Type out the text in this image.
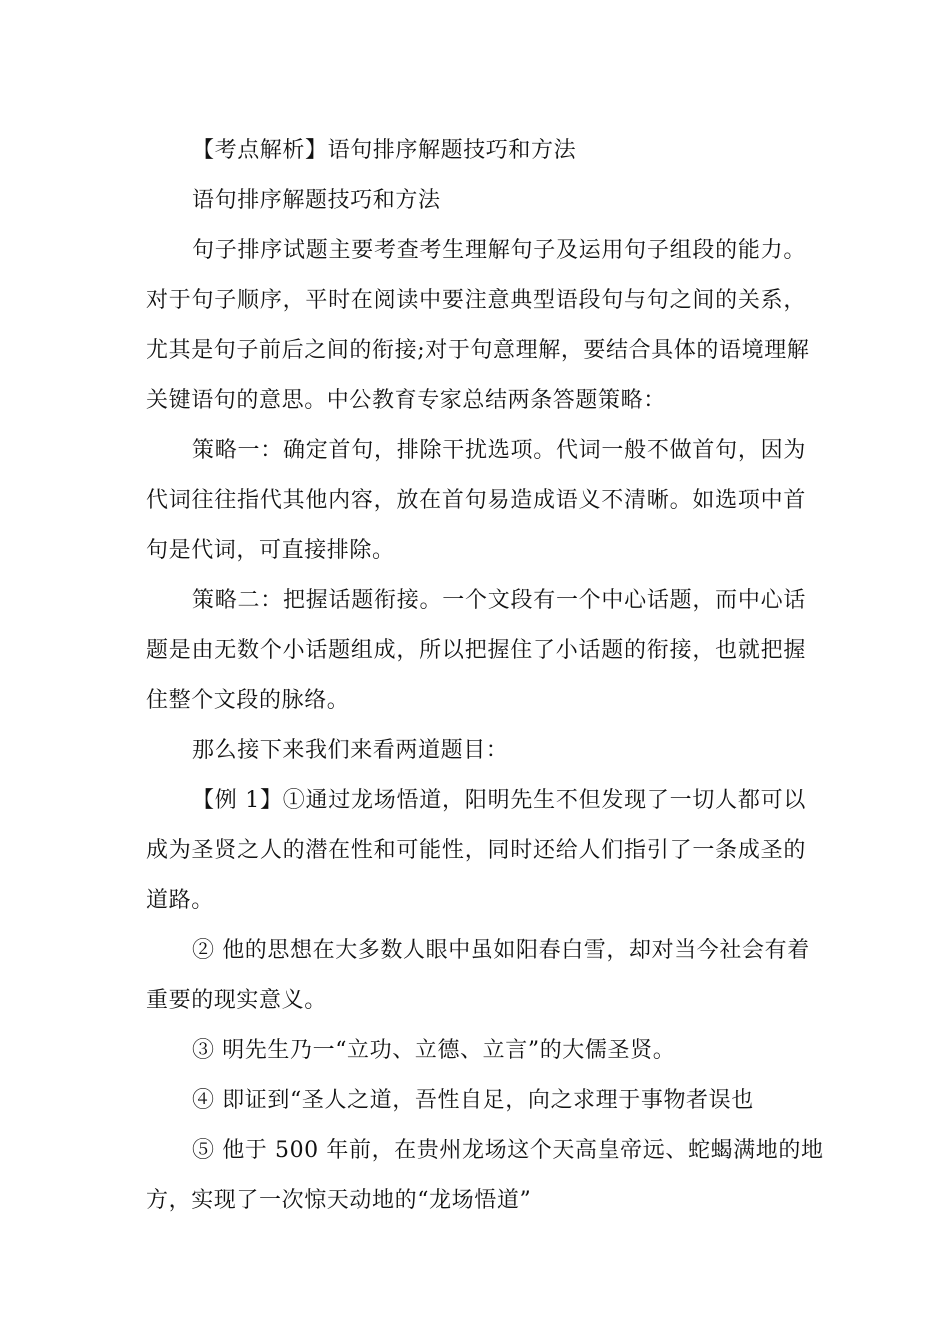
【考点解析】语句排序解题技巧和方法
语句排序解题技巧和方法
句子排序试题主要考查考生理解句子及运用句子组段的能力。
对于句子顺序，平时在阅读中要注意典型语段句与句之间的关系，
尤其是句子前后之间的衔接;对于句意理解，要结合具体的语境理解
关键语句的意思。中公教育专家总结两条答题策略：
策略一：确定首句，排除干扰选项。代词一般不做首句，因为
代词往往指代其他内容，放在首句易造成语义不清晰。如选项中首
句是代词，可直接排除。
策略二：把握话题衔接。一个文段有一个中心话题，而中心话
题是由无数个小话题组成，所以把握住了小话题的衔接，也就把握
住整个文段的脉络。
那么接下来我们来看两道题目：
【例 1】①通过龙场悟道，阳明先生不但发现了一切人都可以
成为圣贤之人的潜在性和可能性，同时还给人们指引了一条成圣的
道路。
② 他的思想在大多数人眼中虽如阳春白雪，却对当今社会有着
重要的现实意义。
③ 明先生乃一“立功、立德、立言”的大儒圣贤。
④ 即证到“圣人之道，吾性自足，向之求理于事物者误也
⑤ 他于 500 年前，在贵州龙场这个天高皇帝远、蛇蝎满地的地
方，实现了一次惊天动地的“龙场悟道”
